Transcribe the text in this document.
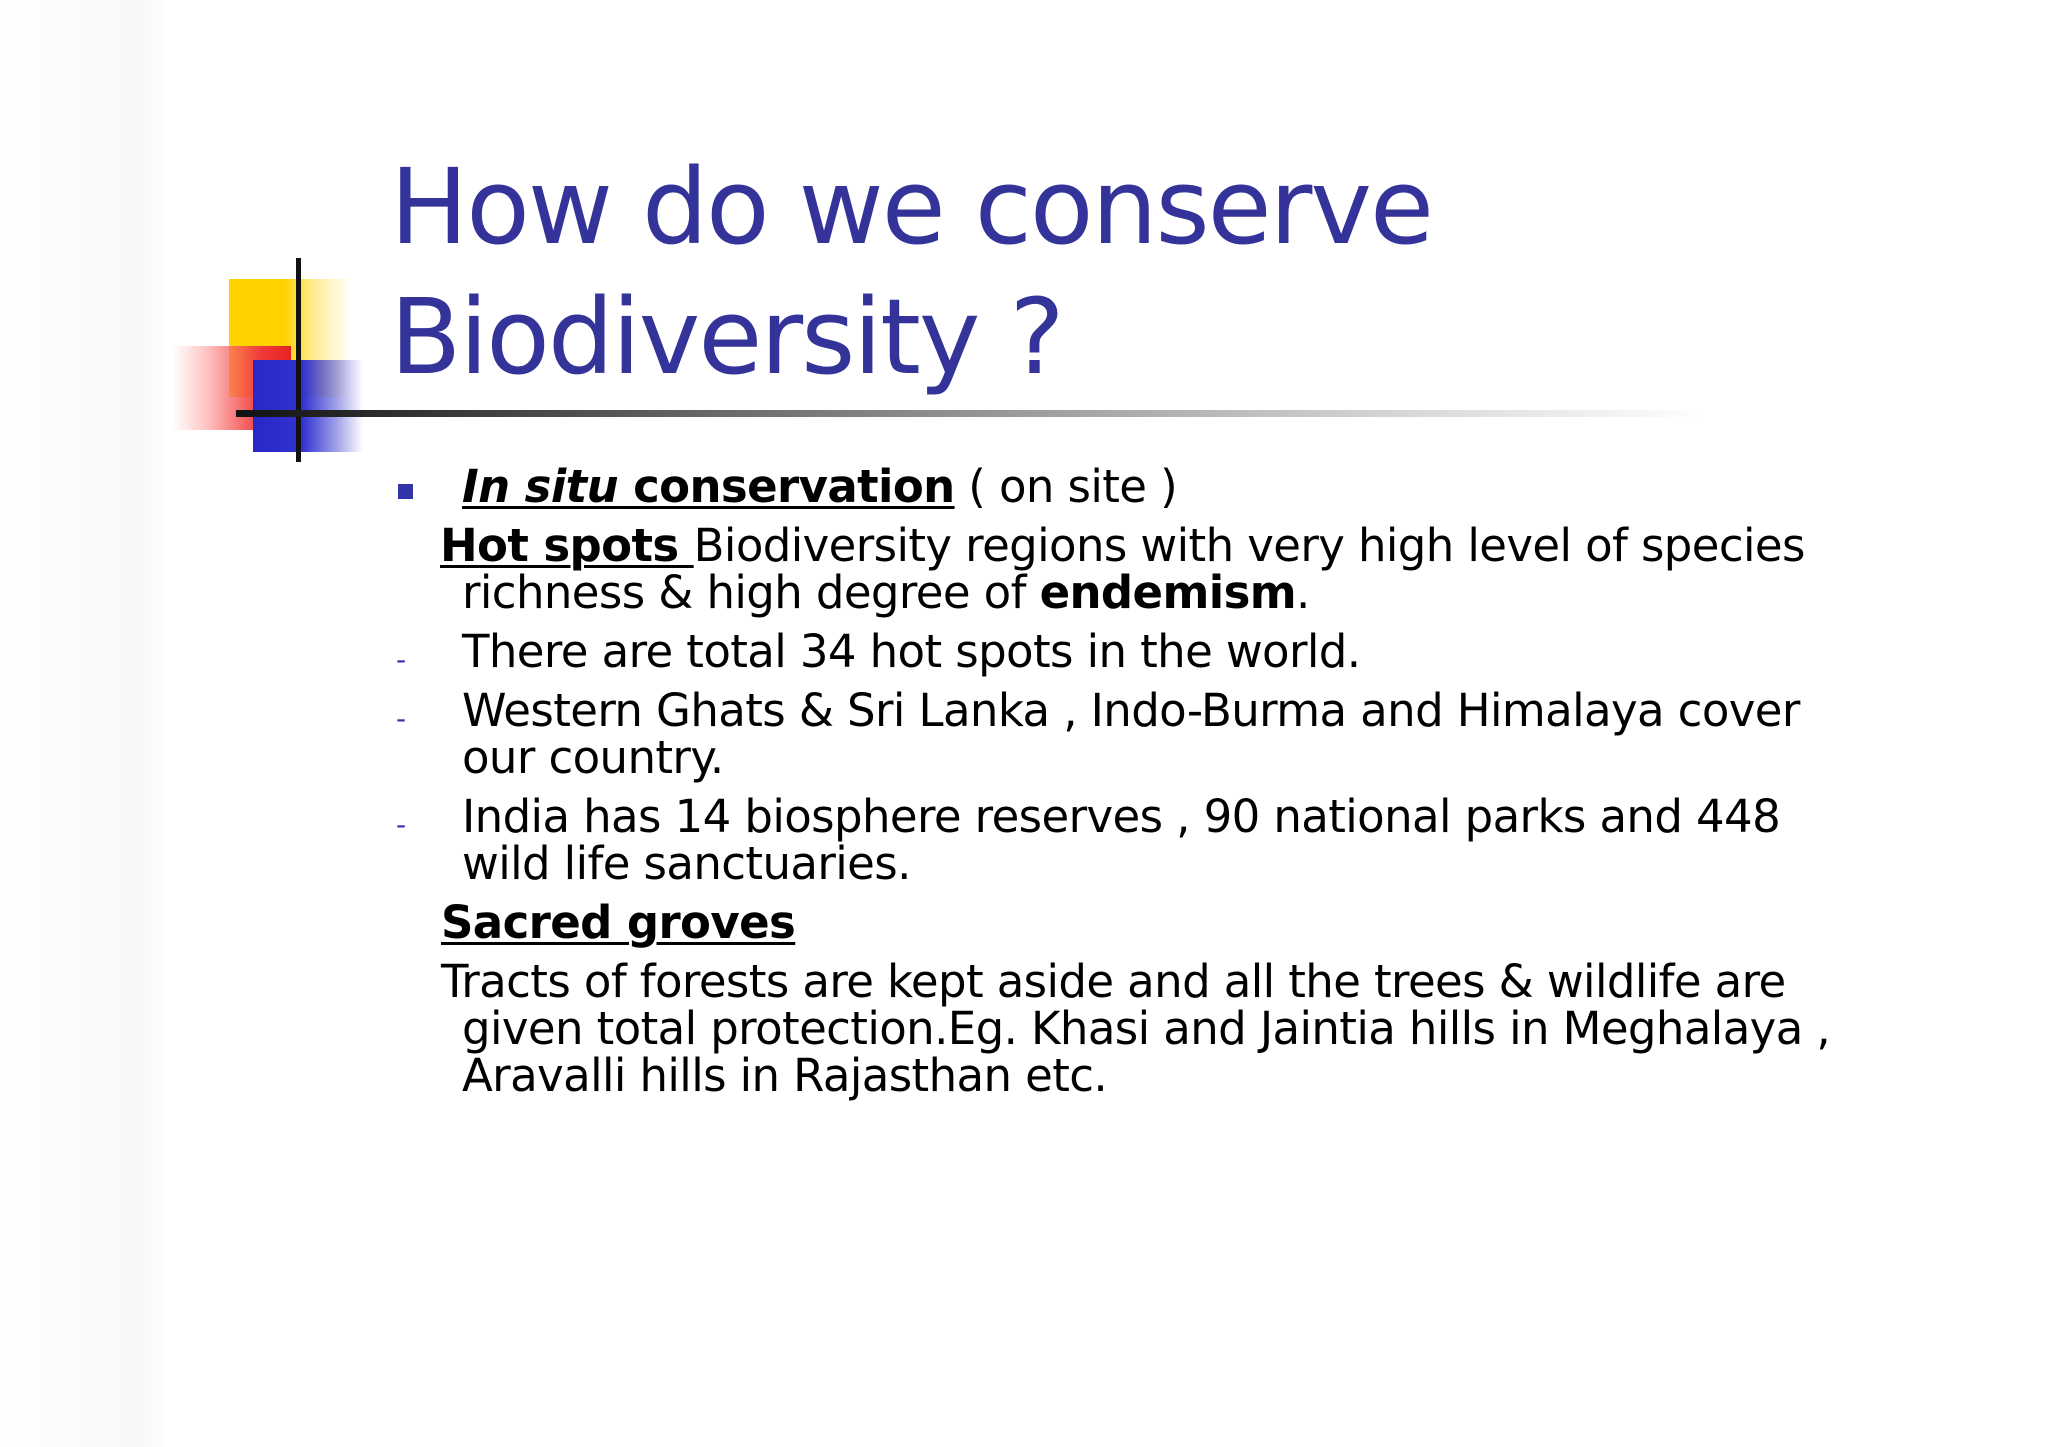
How do we conserve
Biodiversity ?
In situ conservation ( on site )
Hot spots Biodiversity regions with very high level of species
richness & high degree of endemism.
- There are total 34 hot spots in the world.
- Western Ghats & Sri Lanka , Indo-Burma and Himalaya cover
our country.
- India has 14 biosphere reserves , 90 national parks and 448
wild life sanctuaries.
Sacred groves
Tracts of forests are kept aside and all the trees & wildlife are
given total protection.Eg. Khasi and Jaintia hills in Meghalaya ,
Aravalli hills in Rajasthan etc.
